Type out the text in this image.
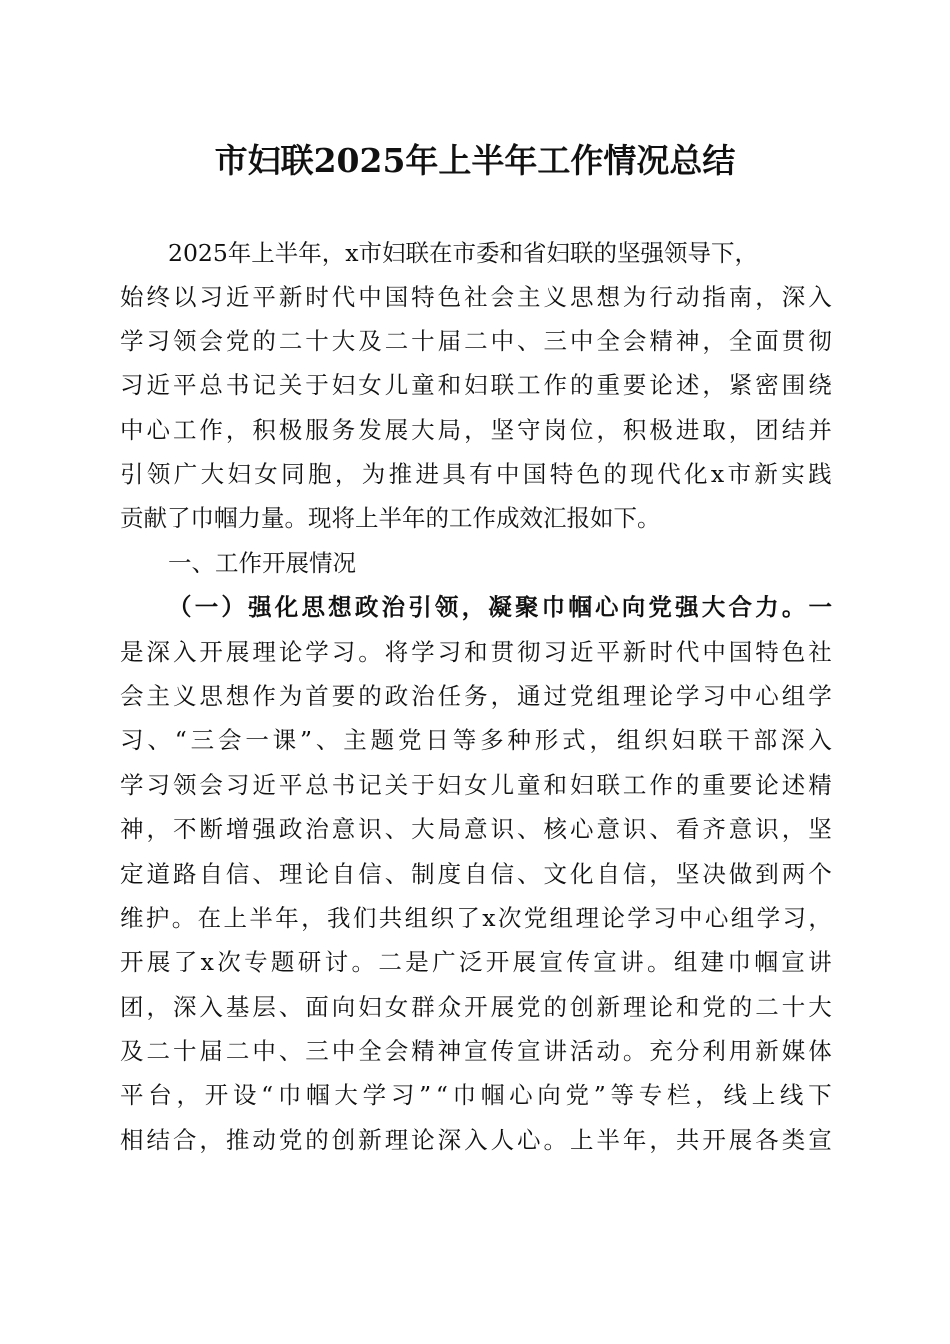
市妇联2025年上半年工作情况总结
2025年上半年，x市妇联在市委和省妇联的坚强领导下，
始 终 以 习 近 平 新 时 代 中 国 特 色 社 会 主 义 思 想 为 行 动 指 南 ， 深 入
学 习 领 会 党 的 二 十 大 及 二 十 届 二 中 、 三 中 全 会 精 神 ， 全 面 贯 彻
习 近 平 总 书 记 关 于 妇 女 儿 童 和 妇 联 工 作 的 重 要 论 述 ， 紧 密 围 绕
中 心 工 作 ， 积 极 服 务 发 展 大 局 ， 坚 守 岗 位 ， 积 极 进 取 ， 团 结 并
引 领 广 大 妇 女 同 胞 ， 为 推 进 具 有 中 国 特 色 的 现 代 化 x 市 新 实 践
贡献了巾帼力量。现将上半年的工作成效汇报如下。
一、工作开展情况
（ 一 ） 强 化 思 想 政 治 引 领 ， 凝 聚 巾 帼 心 向 党 强 大 合 力 。 一
是 深 入 开 展 理 论 学 习 。 将 学 习 和 贯 彻 习 近 平 新 时 代 中 国 特 色 社
会 主 义 思 想 作 为 首 要 的 政 治 任 务 ， 通 过 党 组 理 论 学 习 中 心 组 学
习 、 “ 三 会 一 课 ” 、 主 题 党 日 等 多 种 形 式 ， 组 织 妇 联 干 部 深 入
学 习 领 会 习 近 平 总 书 记 关 于 妇 女 儿 童 和 妇 联 工 作 的 重 要 论 述 精
神 ， 不 断 增 强 政 治 意 识 、 大 局 意 识 、 核 心 意 识 、 看 齐 意 识 ， 坚
定 道 路 自 信 、 理 论 自 信 、 制 度 自 信 、 文 化 自 信 ， 坚 决 做 到 两 个
维 护 。 在 上 半 年 ， 我 们 共 组 织 了 x 次 党 组 理 论 学 习 中 心 组 学 习 ，
开 展 了 x 次 专 题 研 讨 。 二 是 广 泛 开 展 宣 传 宣 讲 。 组 建 巾 帼 宣 讲
团 ， 深 入 基 层 、 面 向 妇 女 群 众 开 展 党 的 创 新 理 论 和 党 的 二 十 大
及 二 十 届 二 中 、 三 中 全 会 精 神 宣 传 宣 讲 活 动 。 充 分 利 用 新 媒 体
平 台 ， 开 设 “ 巾 帼 大 学 习 ” “ 巾 帼 心 向 党 ” 等 专 栏 ， 线 上 线 下
相 结 合 ， 推 动 党 的 创 新 理 论 深 入 人 心 。 上 半 年 ， 共 开 展 各 类 宣
